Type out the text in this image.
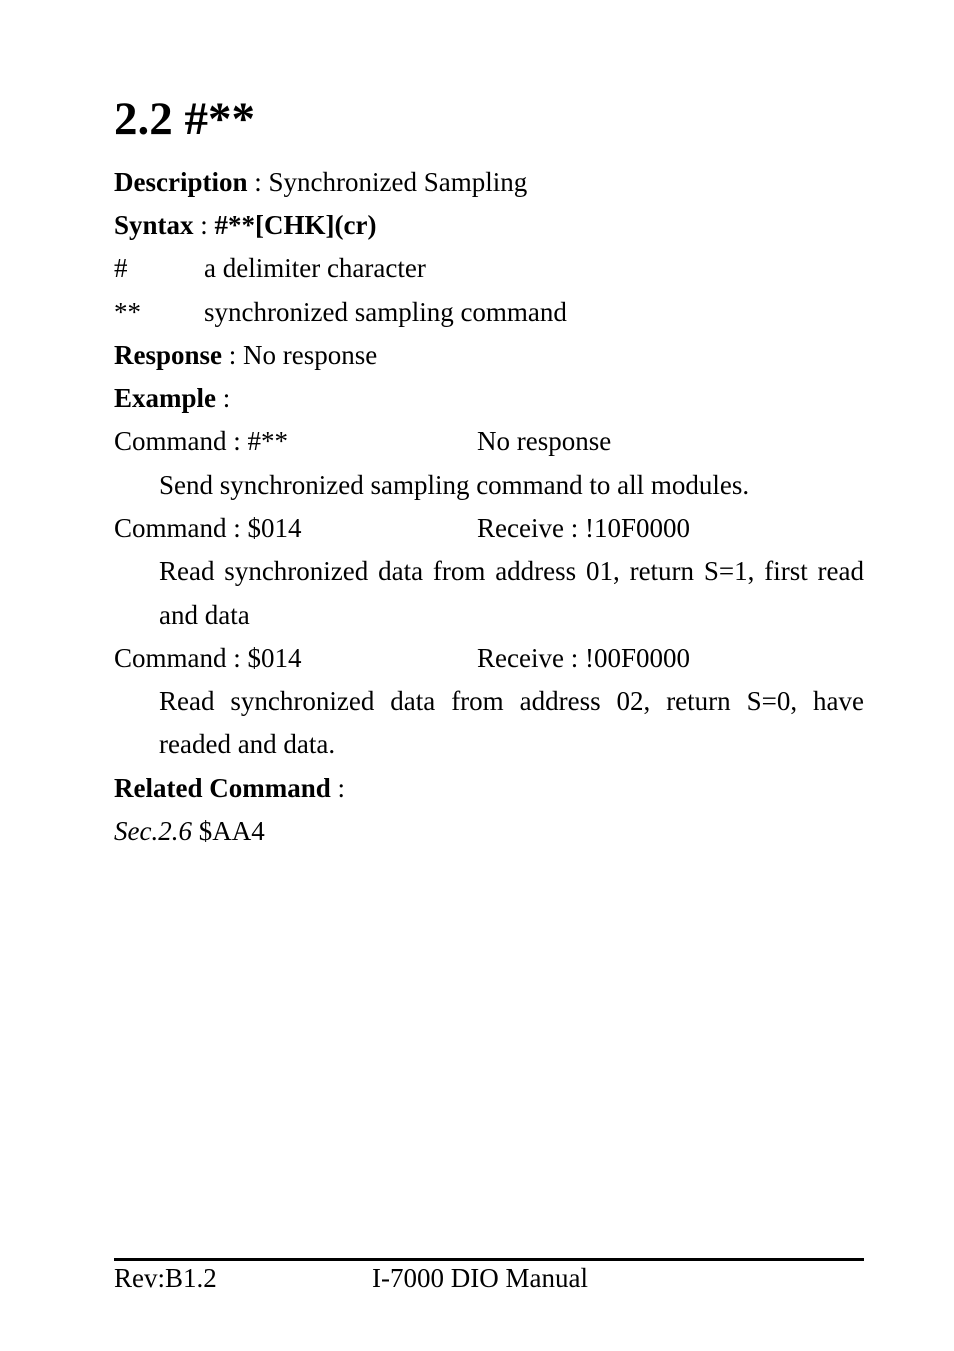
2.2 #**
Description : Synchronized Sampling
Syntax : #**[CHK](cr)
#	a delimiter character
** synchronized sampling command
Response : No response
Example :
Command : #**	No response
Send synchronized sampling command to all modules.
Command : $014	Receive : !10F0000
Read synchronized data from address 01, return S=1, first read
and data
Command : $014	Receive : !00F0000
Read synchronized data from address 02, return S=0, have
readed and data.
Related Command :
Sec.2.6 $AA4
Rev:B1.2	I-7000 DIO Manual
